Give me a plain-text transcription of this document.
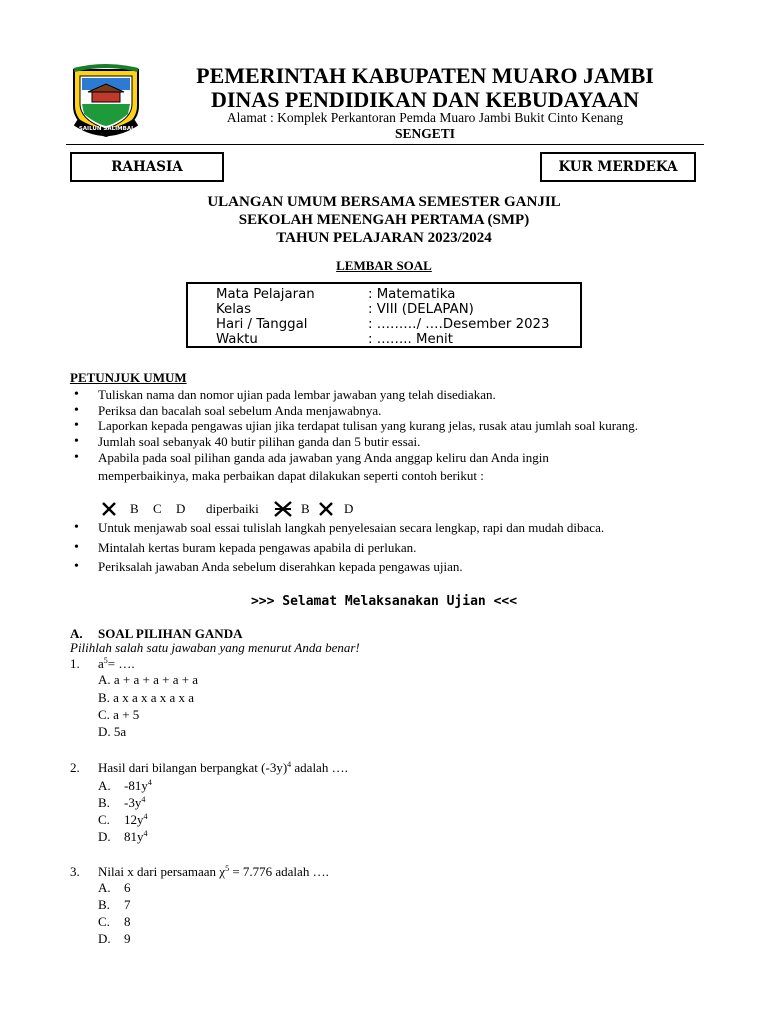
SAILUN SALIMBAI
PEMERINTAH KABUPATEN MUARO JAMBI
DINAS PENDIDIKAN DAN KEBUDAYAAN
Alamat : Komplek Perkantoran Pemda Muaro Jambi Bukit Cinto Kenang
SENGETI
RAHASIA	KUR MERDEKA
ULANGAN UMUM BERSAMA SEMESTER GANJIL
SEKOLAH MENENGAH PERTAMA (SMP)
TAHUN PELAJARAN 2023/2024
LEMBAR SOAL
Mata Pelajaran	: Matematika
Kelas	: VIII (DELAPAN)
Hari / Tanggal	: ………/ ….Desember 2023
Waktu	: …….. Menit
PETUNJUK UMUM
• Tuliskan nama dan nomor ujian pada lembar jawaban yang telah disediakan.
• Periksa dan bacalah soal sebelum Anda menjawabnya.
• Laporkan kepada pengawas ujian jika terdapat tulisan yang kurang jelas, rusak atau jumlah soal kurang.
• Jumlah soal sebanyak 40 butir pilihan ganda dan 5 butir essai.
• Apabila pada soal pilihan ganda ada jawaban yang Anda anggap keliru dan Anda ingin memperbaikinya, maka perbaikan dapat dilakukan seperti contoh berikut :
B C D diperbaiki	B	D
• Untuk menjawab soal essai tulislah langkah penyelesaian secara lengkap, rapi dan mudah dibaca.
• Mintalah kertas buram kepada pengawas apabila di perlukan.
• Periksalah jawaban Anda sebelum diserahkan kepada pengawas ujian.
>>> Selamat Melaksanakan Ujian <<<
A. SOAL PILIHAN GANDA
Pilihlah salah satu jawaban yang menurut Anda benar!
1.	$a^5=$ ….
A. a + a + a + a + a
B. a x a x a x a x a
C. a + 5
D. 5a
2.	Hasil dari bilangan berpangkat $(-3y)^4$ adalah ….
A. $-81y^4$
B. $-3y^4$
C. $12y^4$
D. $81y^4$
3.	Nilai x dari persamaan $\chi^5 = 7.776$ adalah ….
A. 6
B. 7
C. 8
D. 9
